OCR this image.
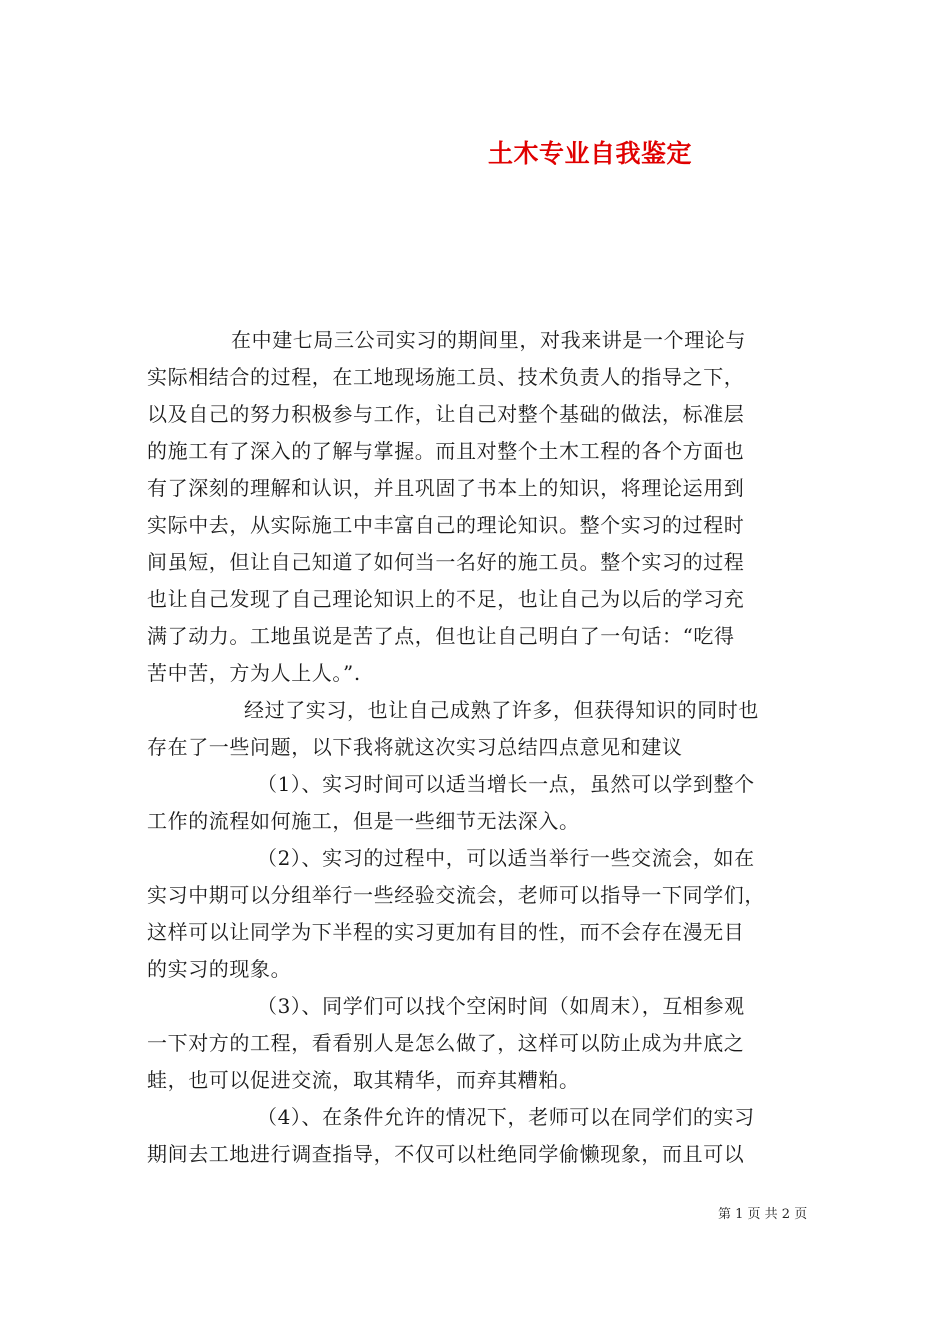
土木专业自我鉴定
在中建七局三公司实习的期间里，对我来讲是一个理论与
实际相结合的过程，在工地现场施工员、技术负责人的指导之下，
以及自己的努力积极参与工作，让自己对整个基础的做法，标准层
的施工有了深入的了解与掌握。而且对整个土木工程的各个方面也
有了深刻的理解和认识，并且巩固了书本上的知识，将理论运用到
实际中去，从实际施工中丰富自己的理论知识。整个实习的过程时
间虽短，但让自己知道了如何当一名好的施工员。整个实习的过程
也让自己发现了自己理论知识上的不足，也让自己为以后的学习充
满了动力。工地虽说是苦了点，但也让自己明白了一句话：“吃得
苦中苦，方为人上人。”.
经过了实习，也让自己成熟了许多，但获得知识的同时也
存在了一些问题，以下我将就这次实习总结四点意见和建议
（1）、实习时间可以适当增长一点，虽然可以学到整个
工作的流程如何施工，但是一些细节无法深入。
（2）、实习的过程中，可以适当举行一些交流会，如在
实习中期可以分组举行一些经验交流会，老师可以指导一下同学们，
这样可以让同学为下半程的实习更加有目的性，而不会存在漫无目
的实习的现象。
（3）、同学们可以找个空闲时间（如周末），互相参观
一下对方的工程，看看别人是怎么做了，这样可以防止成为井底之
蛙，也可以促进交流，取其精华，而弃其糟粕。
（4）、在条件允许的情况下，老师可以在同学们的实习
期间去工地进行调查指导，不仅可以杜绝同学偷懒现象，而且可以
第 1 页 共 2 页
